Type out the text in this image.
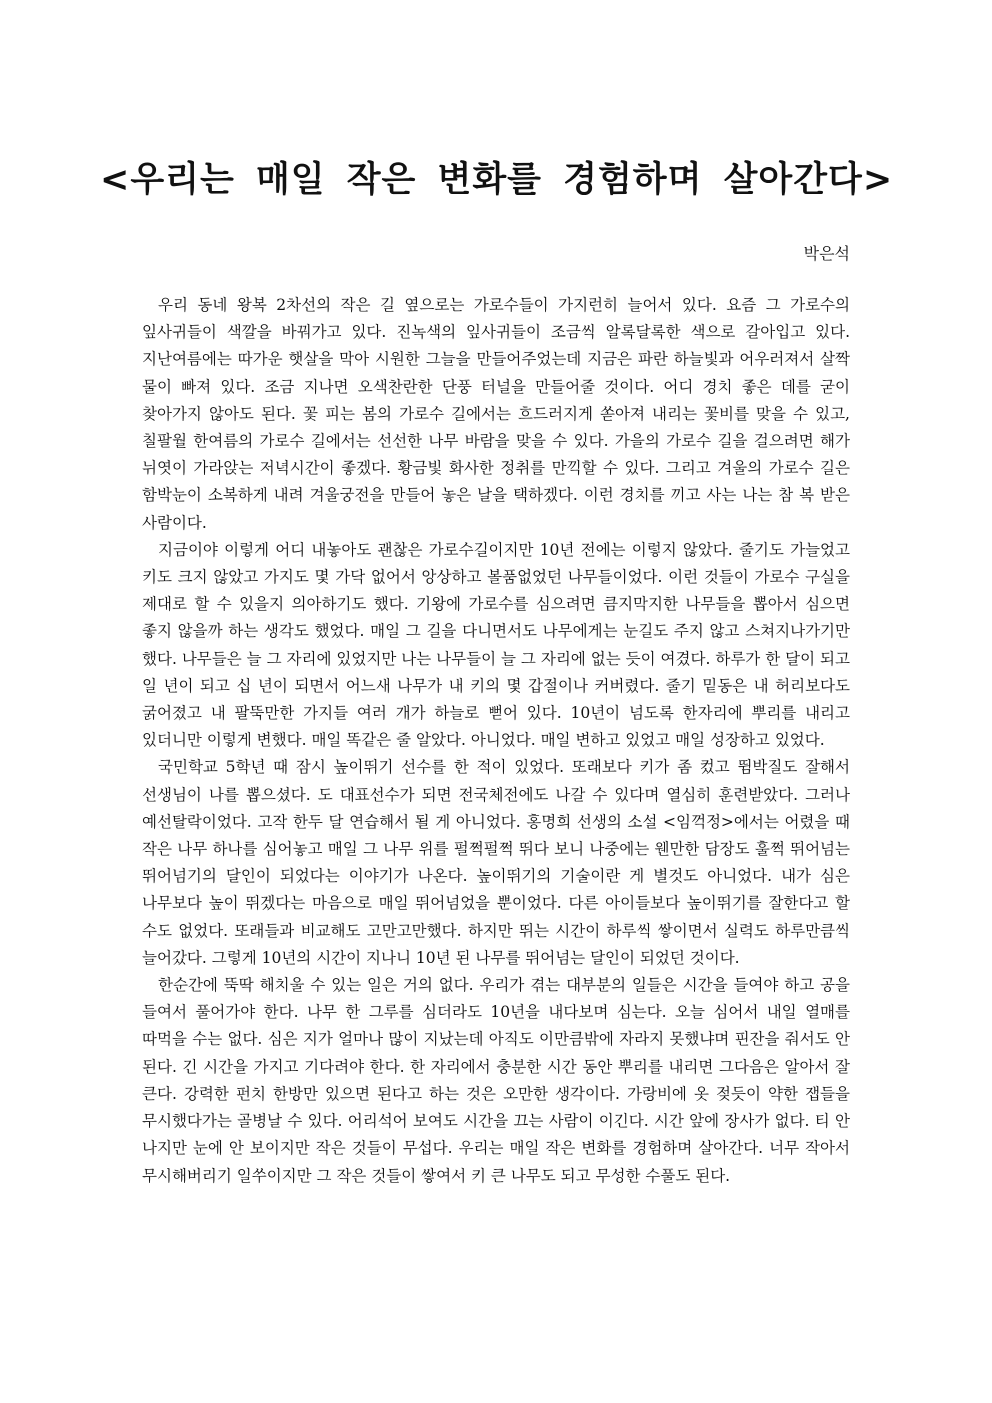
<우리는 매일 작은 변화를 경험하며 살아간다>
박은석

우리 동네 왕복 2차선의 작은 길 옆으로는 가로수들이 가지런히 늘어서 있다. 요즘 그 가로수의 잎사귀들이 색깔을 바꿔가고 있다. 진녹색의 잎사귀들이 조금씩 알록달록한 색으로 갈아입고 있다. 지난여름에는 따가운 햇살을 막아 시원한 그늘을 만들어주었는데 지금은 파란 하늘빛과 어우러져서 살짝 물이 빠져 있다. 조금 지나면 오색찬란한 단풍 터널을 만들어줄 것이다. 어디 경치 좋은 데를 굳이 찾아가지 않아도 된다. 꽃 피는 봄의 가로수 길에서는 흐드러지게 쏟아져 내리는 꽃비를 맞을 수 있고, 칠팔월 한여름의 가로수 길에서는 선선한 나무 바람을 맞을 수 있다. 가을의 가로수 길을 걸으려면 해가 뉘엿이 가라앉는 저녁시간이 좋겠다. 황금빛 화사한 정취를 만끽할 수 있다. 그리고 겨울의 가로수 길은 함박눈이 소복하게 내려 겨울궁전을 만들어 놓은 날을 택하겠다. 이런 경치를 끼고 사는 나는 참 복 받은 사람이다.

지금이야 이렇게 어디 내놓아도 괜찮은 가로수길이지만 10년 전에는 이렇지 않았다. 줄기도 가늘었고 키도 크지 않았고 가지도 몇 가닥 없어서 앙상하고 볼품없었던 나무들이었다. 이런 것들이 가로수 구실을 제대로 할 수 있을지 의아하기도 했다. 기왕에 가로수를 심으려면 큼지막지한 나무들을 뽑아서 심으면 좋지 않을까 하는 생각도 했었다. 매일 그 길을 다니면서도 나무에게는 눈길도 주지 않고 스쳐지나가기만 했다. 나무들은 늘 그 자리에 있었지만 나는 나무들이 늘 그 자리에 없는 듯이 여겼다. 하루가 한 달이 되고 일 년이 되고 십 년이 되면서 어느새 나무가 내 키의 몇 갑절이나 커버렸다. 줄기 밑동은 내 허리보다도 굵어졌고 내 팔뚝만한 가지들 여러 개가 하늘로 뻗어 있다. 10년이 넘도록 한자리에 뿌리를 내리고 있더니만 이렇게 변했다. 매일 똑같은 줄 알았다. 아니었다. 매일 변하고 있었고 매일 성장하고 있었다.

국민학교 5학년 때 잠시 높이뛰기 선수를 한 적이 있었다. 또래보다 키가 좀 컸고 뜀박질도 잘해서 선생님이 나를 뽑으셨다. 도 대표선수가 되면 전국체전에도 나갈 수 있다며 열심히 훈련받았다. 그러나 예선탈락이었다. 고작 한두 달 연습해서 될 게 아니었다. 홍명희 선생의 소설 <임꺽정>에서는 어렸을 때 작은 나무 하나를 심어놓고 매일 그 나무 위를 펄쩍펄쩍 뛰다 보니 나중에는 웬만한 담장도 훌쩍 뛰어넘는 뛰어넘기의 달인이 되었다는 이야기가 나온다. 높이뛰기의 기술이란 게 별것도 아니었다. 내가 심은 나무보다 높이 뛰겠다는 마음으로 매일 뛰어넘었을 뿐이었다. 다른 아이들보다 높이뛰기를 잘한다고 할 수도 없었다. 또래들과 비교해도 고만고만했다. 하지만 뛰는 시간이 하루씩 쌓이면서 실력도 하루만큼씩 늘어갔다. 그렇게 10년의 시간이 지나니 10년 된 나무를 뛰어넘는 달인이 되었던 것이다.

한순간에 뚝딱 해치울 수 있는 일은 거의 없다. 우리가 겪는 대부분의 일들은 시간을 들여야 하고 공을 들여서 풀어가야 한다. 나무 한 그루를 심더라도 10년을 내다보며 심는다. 오늘 심어서 내일 열매를 따먹을 수는 없다. 심은 지가 얼마나 많이 지났는데 아직도 이만큼밖에 자라지 못했냐며 핀잔을 줘서도 안 된다. 긴 시간을 가지고 기다려야 한다. 한 자리에서 충분한 시간 동안 뿌리를 내리면 그다음은 알아서 잘 큰다. 강력한 펀치 한방만 있으면 된다고 하는 것은 오만한 생각이다. 가랑비에 옷 젖듯이 약한 잽들을 무시했다가는 골병날 수 있다. 어리석어 보여도 시간을 끄는 사람이 이긴다. 시간 앞에 장사가 없다. 티 안 나지만 눈에 안 보이지만 작은 것들이 무섭다. 우리는 매일 작은 변화를 경험하며 살아간다. 너무 작아서 무시해버리기 일쑤이지만 그 작은 것들이 쌓여서 키 큰 나무도 되고 무성한 수풀도 된다.
